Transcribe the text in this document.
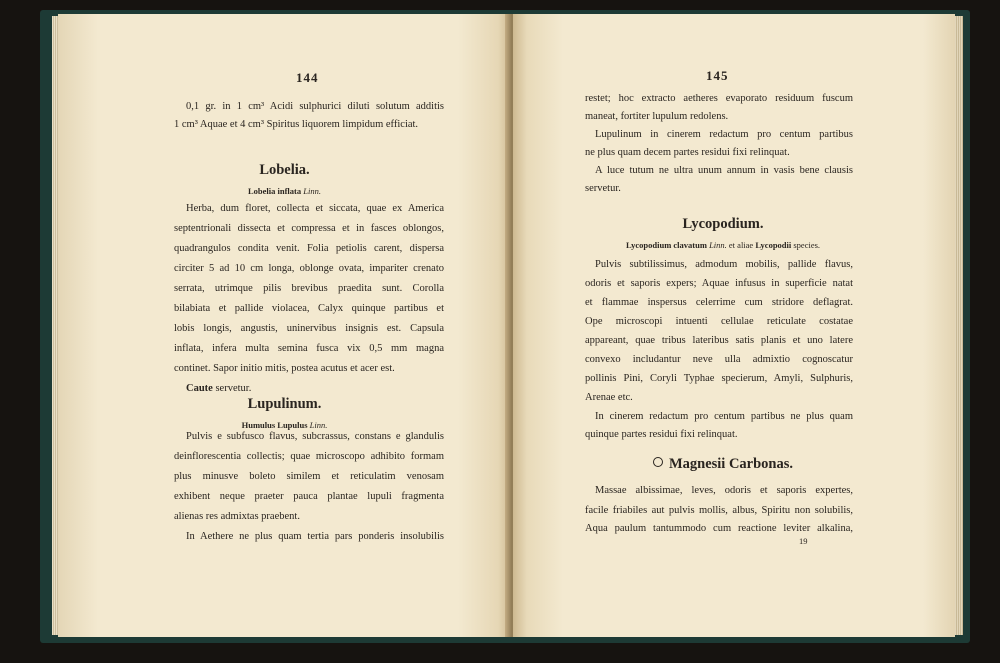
144
0,1 gr. in 1 cm³ Acidi sulphurici diluti solutum additis
1 cm³ Aquae et 4 cm³ Spiritus liquorem limpidum efficiat.
Lobelia.
Lobelia inflata Linn.
Herba, dum floret, collecta et siccata, quae ex America
septentrionali dissecta et compressa et in fasces oblongos,
quadrangulos condita venit. Folia petiolis carent, dispersa
circiter 5 ad 10 cm longa, oblonge ovata, impariter crenato
serrata, utrimque pilis brevibus praedita sunt. Corolla
bilabiata et pallide violacea, Calyx quinque partibus et
lobis longis, angustis, uninervibus insignis est. Capsula
inflata, infera multa semina fusca vix 0,5 mm magna
continet. Sapor initio mitis, postea acutus et acer est.
Caute servetur.
Lupulinum.
Humulus Lupulus Linn.
Pulvis e subfusco flavus, subcrassus, constans e glandulis
deinflorescentia collectis; quae microscopo adhibito formam
plus minusve boleto similem et reticulatim venosam
exhibent neque praeter pauca plantae lupuli fragmenta
alienas res admixtas praebent.
In Aethere ne plus quam tertia pars ponderis insolubilis
145
restet; hoc extracto aetheres evaporato residuum fuscum
maneat, fortiter lupulum redolens.
Lupulinum in cinerem redactum pro centum partibus
ne plus quam decem partes residui fixi relinquat.
A luce tutum ne ultra unum annum in vasis bene clausis
servetur.
Lycopodium.
Lycopodium clavatum Linn. et aliae Lycopodii species.
Pulvis subtilissimus, admodum mobilis, pallide flavus,
odoris et saporis expers; Aquae infusus in superficie natat
et flammae inspersus celerrime cum stridore deflagrat.
Ope microscopi intuenti cellulae reticulate costatae
appareant, quae tribus lateribus satis planis et uno latere
convexo includantur neve ulla admixtio cognoscatur
pollinis Pini, Coryli Typhae specierum, Amyli, Sulphuris,
Arenae etc.
In cinerem redactum pro centum partibus ne plus quam
quinque partes residui fixi relinquat.
Magnesii Carbonas.
Massae albissimae, leves, odoris et saporis expertes,
facile friabiles aut pulvis mollis, albus, Spiritu non solubilis,
Aqua paulum tantummodo cum reactione leviter alkalina,
19
